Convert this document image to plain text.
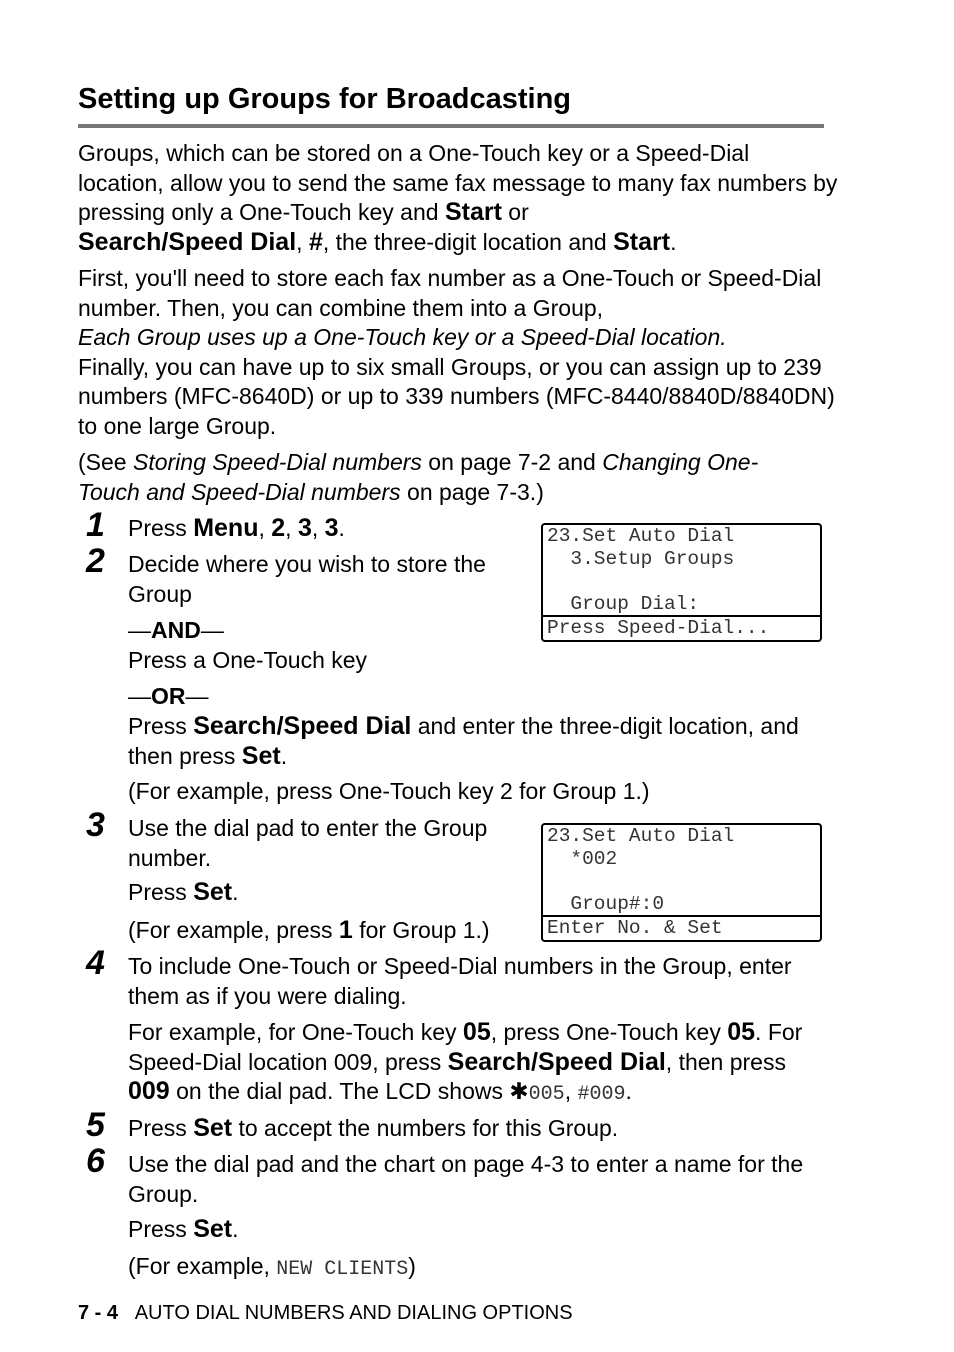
Setting up Groups for Broadcasting
Groups, which can be stored on a One-Touch key or a Speed-Dial location, allow you to send the same fax message to many fax numbers by pressing only a One-Touch key and Start or
Search/Speed Dial, #, the three-digit location and Start.
First, you'll need to store each fax number as a One-Touch or Speed-Dial number. Then, you can combine them into a Group,
Each Group uses up a One-Touch key or a Speed-Dial location.
Finally, you can have up to six small Groups, or you can assign up to 239 numbers (MFC-8640D) or up to 339 numbers (MFC-8440/8840D/8840DN) to one large Group.
(See Storing Speed-Dial numbers on page 7-2 and Changing One-Touch and Speed-Dial numbers on page 7-3.)
1 Press Menu, 2, 3, 3.	23.Set Auto Dial
3.Setup Groups
Group Dial:
Press Speed-Dial...
2 Decide where you wish to store the Group
—AND—
Press a One-Touch key
—OR—
Press Search/Speed Dial and enter the three-digit location, and then press Set.
(For example, press One-Touch key 2 for Group 1.)
3 Use the dial pad to enter the Group number.
Press Set.
(For example, press 1 for Group 1.)
23.Set Auto Dial
*002
Group#:0
Enter No. & Set
4 To include One-Touch or Speed-Dial numbers in the Group, enter them as if you were dialing.
For example, for One-Touch key 05, press One-Touch key 05. For Speed-Dial location 009, press Search/Speed Dial, then press 009 on the dial pad. The LCD shows ✱005, #009.
5 Press Set to accept the numbers for this Group.
6 Use the dial pad and the chart on page 4-3 to enter a name for the Group.
Press Set.
(For example, NEW CLIENTS)
7 - 4 AUTO DIAL NUMBERS AND DIALING OPTIONS
